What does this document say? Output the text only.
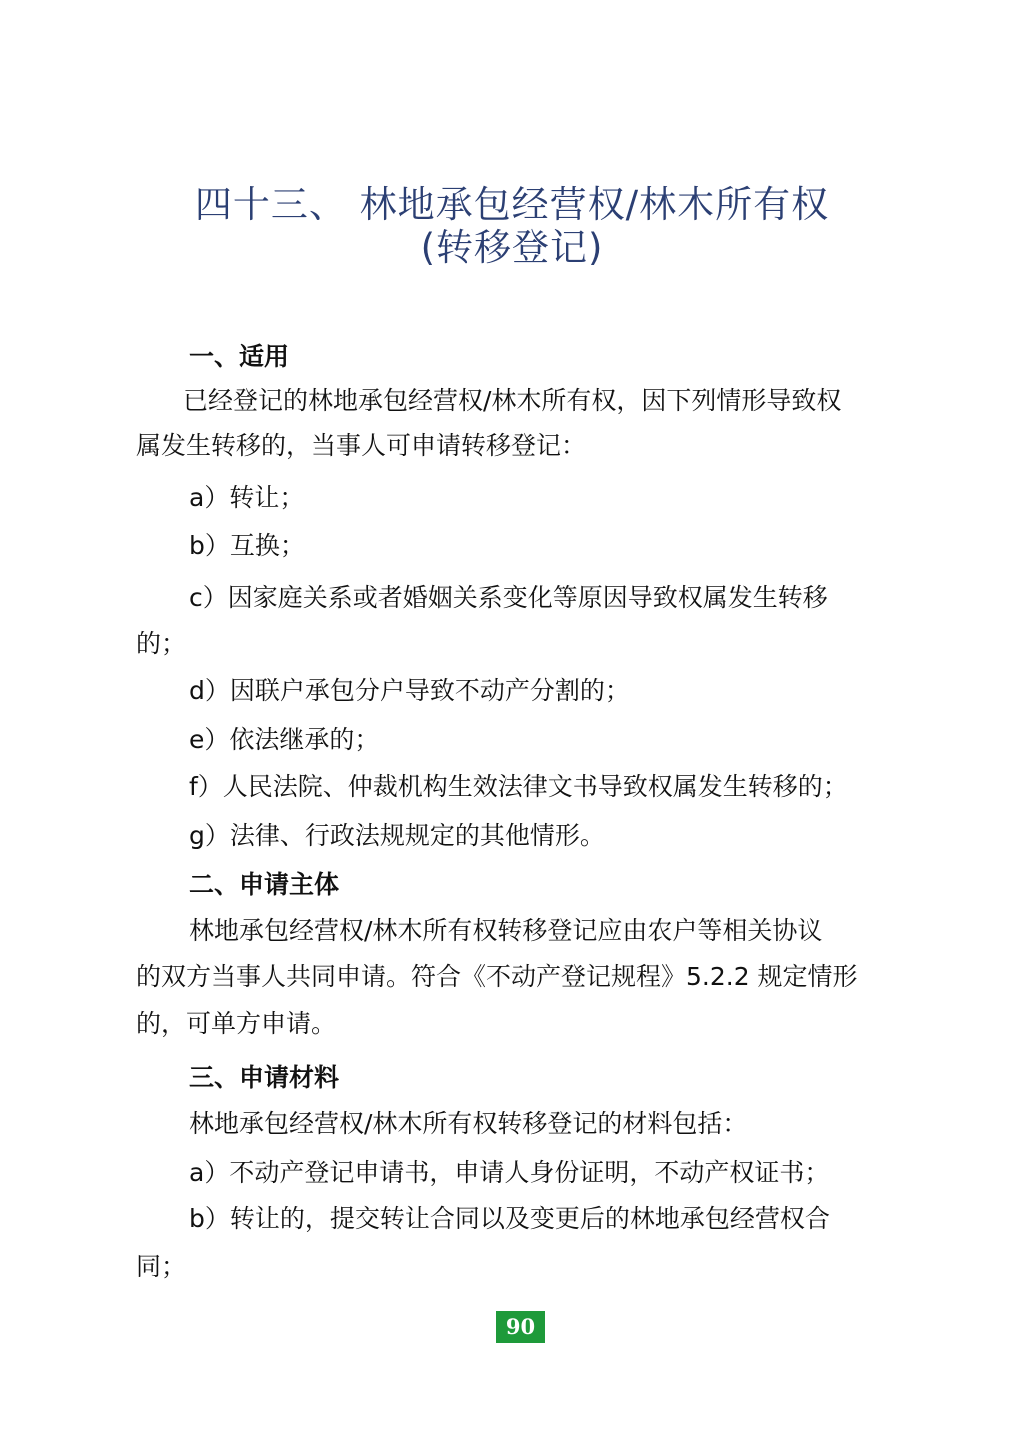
四十三、 林地承包经营权/林木所有权
(转移登记)
一、适用
已经登记的林地承包经营权/林木所有权，因下列情形导致权
属发生转移的，当事人可申请转移登记：
a）转让；
b）互换；
c）因家庭关系或者婚姻关系变化等原因导致权属发生转移
的；
d）因联户承包分户导致不动产分割的；
e）依法继承的；
f）人民法院、仲裁机构生效法律文书导致权属发生转移的；
g）法律、行政法规规定的其他情形。
二、申请主体
林地承包经营权/林木所有权转移登记应由农户等相关协议
的双方当事人共同申请。符合《不动产登记规程》5.2.2 规定情形
的，可单方申请。
三、申请材料
林地承包经营权/林木所有权转移登记的材料包括：
a）不动产登记申请书，申请人身份证明，不动产权证书；
b）转让的，提交转让合同以及变更后的林地承包经营权合
同；
90
